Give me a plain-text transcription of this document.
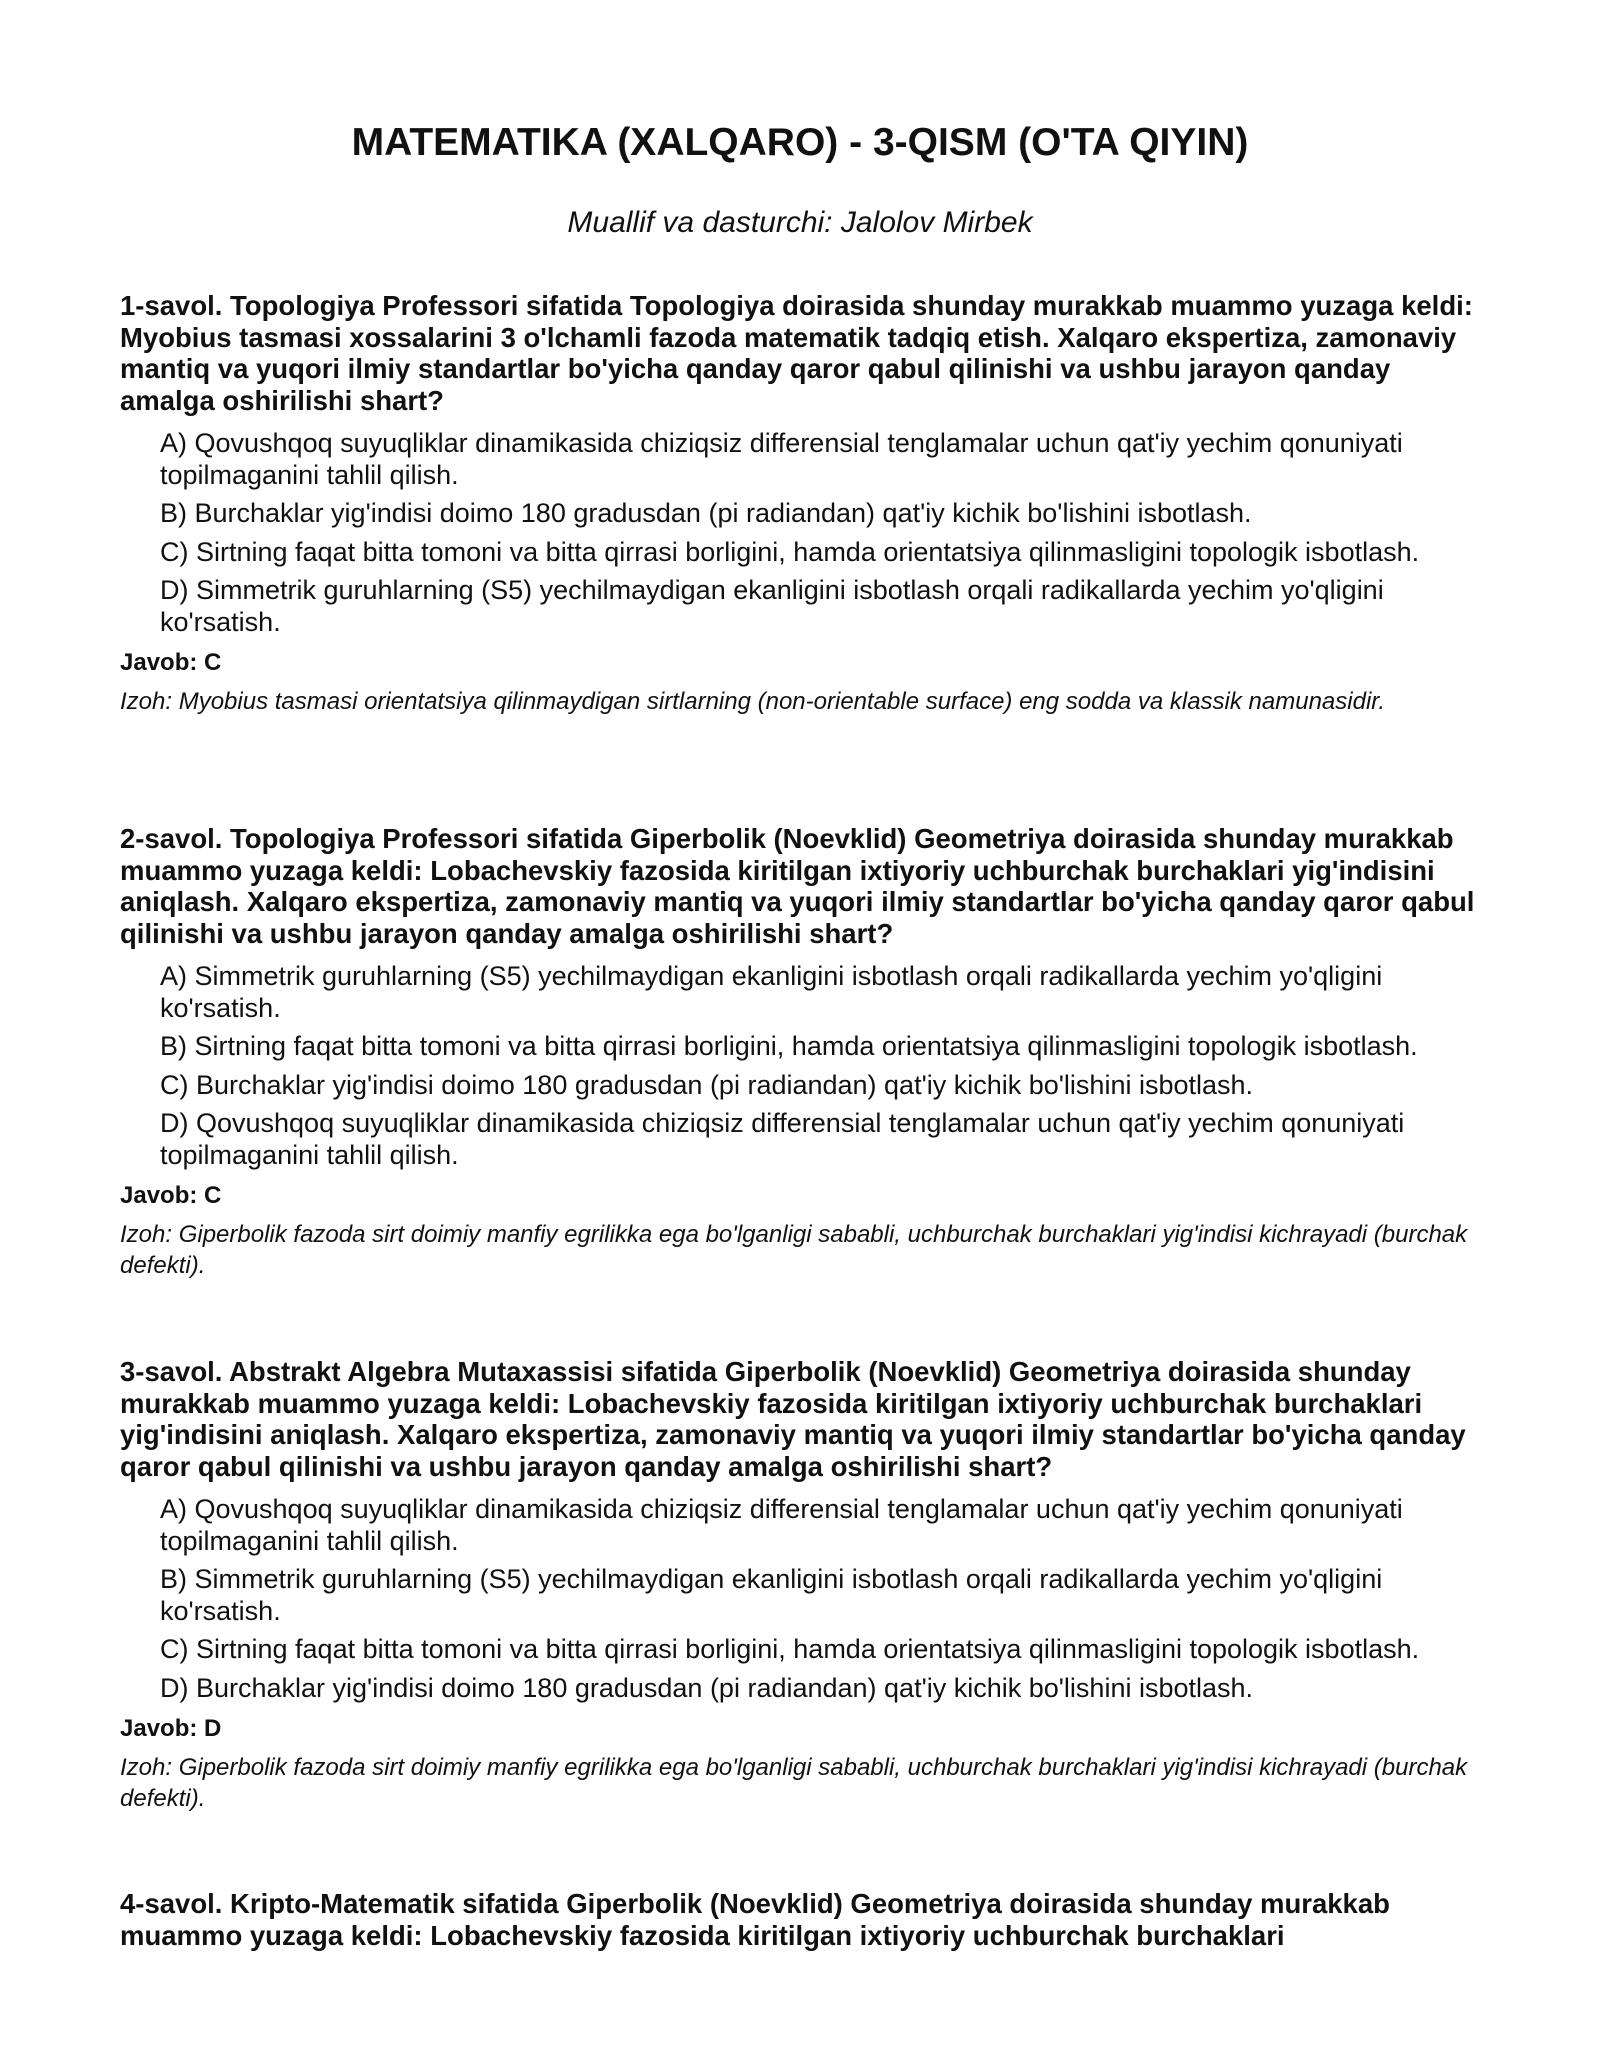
MATEMATIKA (XALQARO) - 3-QISM (O'TA QIYIN)

Muallif va dasturchi: Jalolov Mirbek

1-savol. Topologiya Professori sifatida Topologiya doirasida shunday murakkab muammo yuzaga keldi: Myobius tasmasi xossalarini 3 o'lchamli fazoda matematik tadqiq etish. Xalqaro ekspertiza, zamonaviy mantiq va yuqori ilmiy standartlar bo'yicha qanday qaror qabul qilinishi va ushbu jarayon qanday amalga oshirilishi shart?

A) Qovushqoq suyuqliklar dinamikasida chiziqsiz differensial tenglamalar uchun qat'iy yechim qonuniyati topilmaganini tahlil qilish.
B) Burchaklar yig'indisi doimo 180 gradusdan (pi radiandan) qat'iy kichik bo'lishini isbotlash.
C) Sirtning faqat bitta tomoni va bitta qirrasi borligini, hamda orientatsiya qilinmasligini topologik isbotlash.
D) Simmetrik guruhlarning (S5) yechilmaydigan ekanligini isbotlash orqali radikallarda yechim yo'qligini ko'rsatish.

Javob: C

Izoh: Myobius tasmasi orientatsiya qilinmaydigan sirtlarning (non-orientable surface) eng sodda va klassik namunasidir.

2-savol. Topologiya Professori sifatida Giperbolik (Noevklid) Geometriya doirasida shunday murakkab muammo yuzaga keldi: Lobachevskiy fazosida kiritilgan ixtiyoriy uchburchak burchaklari yig'indisini aniqlash. Xalqaro ekspertiza, zamonaviy mantiq va yuqori ilmiy standartlar bo'yicha qanday qaror qabul qilinishi va ushbu jarayon qanday amalga oshirilishi shart?

A) Simmetrik guruhlarning (S5) yechilmaydigan ekanligini isbotlash orqali radikallarda yechim yo'qligini ko'rsatish.
B) Sirtning faqat bitta tomoni va bitta qirrasi borligini, hamda orientatsiya qilinmasligini topologik isbotlash.
C) Burchaklar yig'indisi doimo 180 gradusdan (pi radiandan) qat'iy kichik bo'lishini isbotlash.
D) Qovushqoq suyuqliklar dinamikasida chiziqsiz differensial tenglamalar uchun qat'iy yechim qonuniyati topilmaganini tahlil qilish.

Javob: C

Izoh: Giperbolik fazoda sirt doimiy manfiy egrilikka ega bo'lganligi sababli, uchburchak burchaklari yig'indisi kichrayadi (burchak defekti).

3-savol. Abstrakt Algebra Mutaxassisi sifatida Giperbolik (Noevklid) Geometriya doirasida shunday murakkab muammo yuzaga keldi: Lobachevskiy fazosida kiritilgan ixtiyoriy uchburchak burchaklari yig'indisini aniqlash. Xalqaro ekspertiza, zamonaviy mantiq va yuqori ilmiy standartlar bo'yicha qanday qaror qabul qilinishi va ushbu jarayon qanday amalga oshirilishi shart?

A) Qovushqoq suyuqliklar dinamikasida chiziqsiz differensial tenglamalar uchun qat'iy yechim qonuniyati topilmaganini tahlil qilish.
B) Simmetrik guruhlarning (S5) yechilmaydigan ekanligini isbotlash orqali radikallarda yechim yo'qligini ko'rsatish.
C) Sirtning faqat bitta tomoni va bitta qirrasi borligini, hamda orientatsiya qilinmasligini topologik isbotlash.
D) Burchaklar yig'indisi doimo 180 gradusdan (pi radiandan) qat'iy kichik bo'lishini isbotlash.

Javob: D

Izoh: Giperbolik fazoda sirt doimiy manfiy egrilikka ega bo'lganligi sababli, uchburchak burchaklari yig'indisi kichrayadi (burchak defekti).

4-savol. Kripto-Matematik sifatida Giperbolik (Noevklid) Geometriya doirasida shunday murakkab muammo yuzaga keldi: Lobachevskiy fazosida kiritilgan ixtiyoriy uchburchak burchaklari
